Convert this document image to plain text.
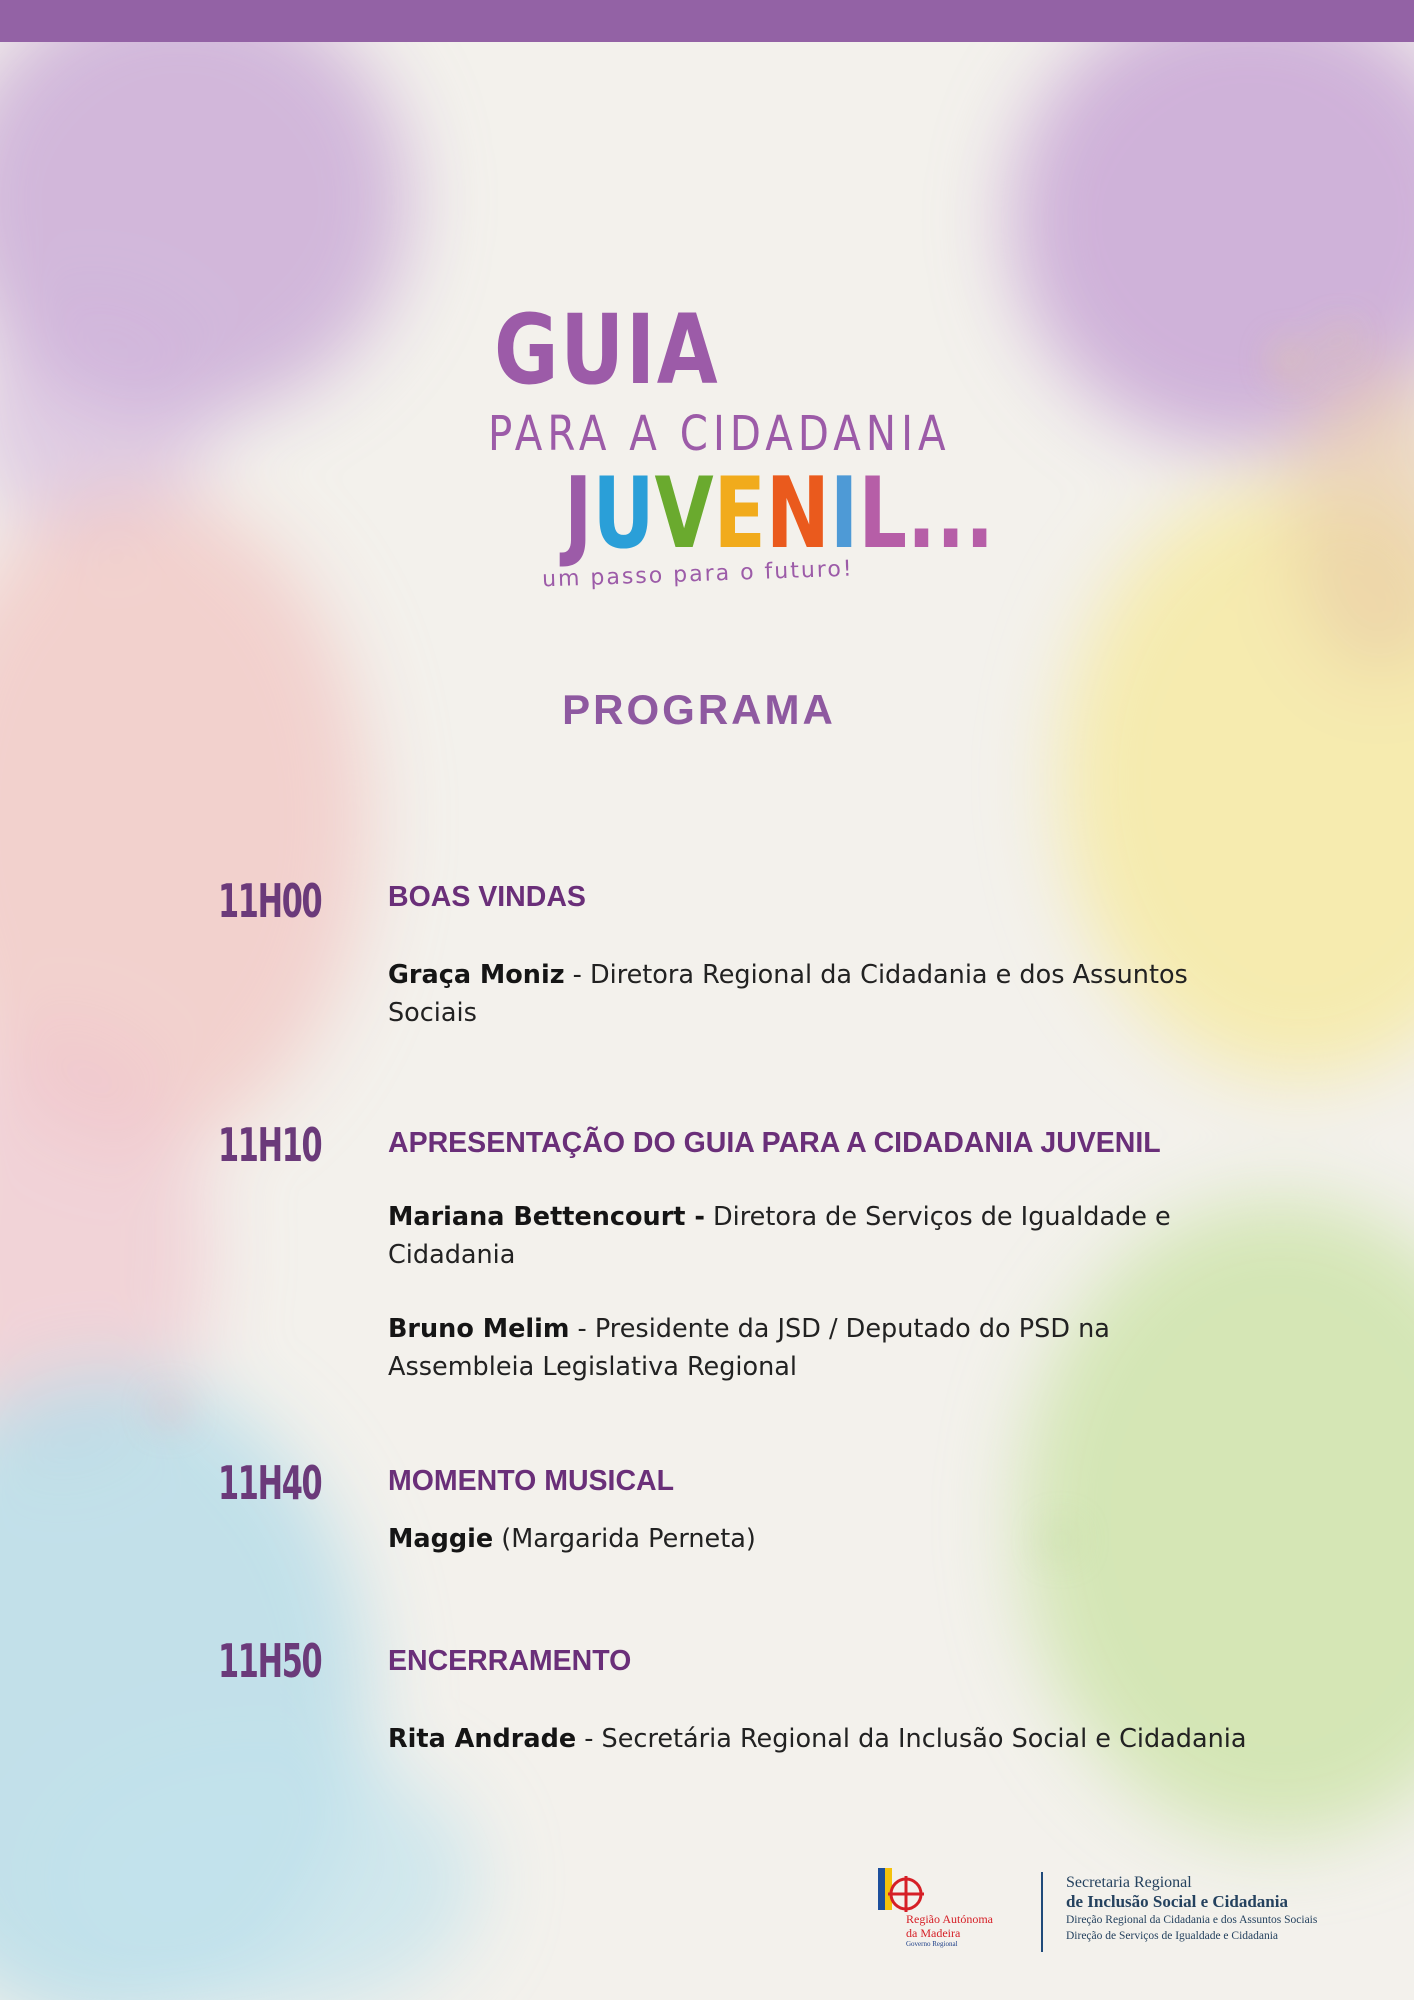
GUIA
PARA A CIDADANIA
JUVENIL...
um passo para o futuro!
PROGRAMA
11H00 BOAS VINDAS
Graça Moniz - Diretora Regional da Cidadania e dos Assuntos Sociais
11H10 APRESENTAÇÃO DO GUIA PARA A CIDADANIA JUVENIL
Mariana Bettencourt - Diretora de Serviços de Igualdade e Cidadania
Bruno Melim - Presidente da JSD / Deputado do PSD na Assembleia Legislativa Regional
11H40 MOMENTO MUSICAL
Maggie (Margarida Perneta)
11H50 ENCERRAMENTO
Rita Andrade - Secretária Regional da Inclusão Social e Cidadania
Região Autónoma
da Madeira
Governo Regional
Secretaria Regional
de Inclusão Social e Cidadania
Direção Regional da Cidadania e dos Assuntos Sociais
Direção de Serviços de Igualdade e Cidadania
